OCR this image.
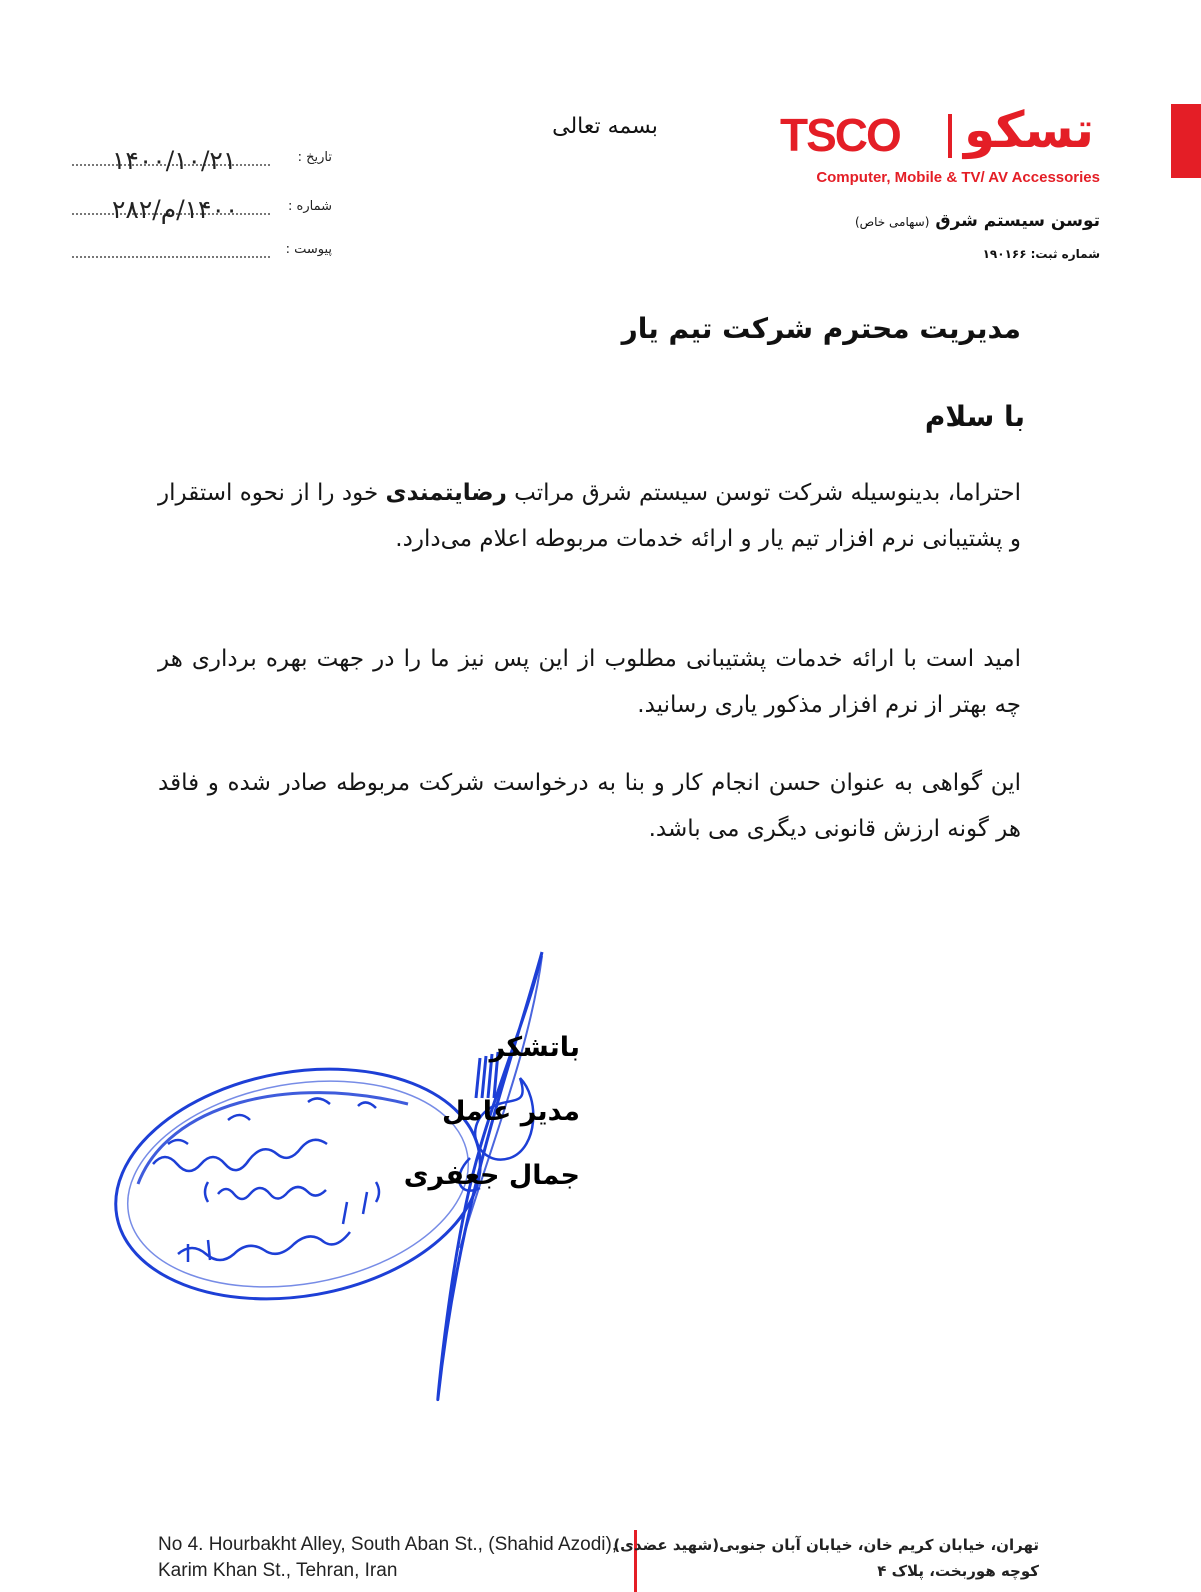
TSCO تسکو
Computer, Mobile & TV/ AV Accessories
توسن سیستم شرق(سهامی خاص)
شماره ثبت:۱۹۰۱۶۶
بسمه تعالی
تاریخ :
۱۴۰۰/۱۰/۲۱
شماره :
۱۴۰۰/م/۲۸۲
پیوست :
مدیریت محترم شرکت تیم یار
با سلام
احتراما، بدینوسیله شرکت توسن سیستم شرق مراتب رضایتمندی خود را از نحوه استقرار و پشتیبانی نرم افزار تیم یار و ارائه خدمات مربوطه اعلام می‌دارد.
امید است با ارائه خدمات پشتیبانی مطلوب از این پس نیز ما را در جهت بهره برداری هر چه بهتر از نرم افزار مذکور یاری رسانید.
این گواهی به عنوان حسن انجام کار و بنا به درخواست شرکت مربوطه صادر شده و فاقد هر گونه ارزش قانونی دیگری می باشد.
باتشکر
مدیر عامل
جمال جعفری
No 4. Hourbakht Alley, South Aban St., (Shahid Azodi),
Karim Khan St., Tehran, Iran
تهران، خیابان کریم خان، خیابان آبان جنوبی(شهید عضدی)
کوچه هوربخت، پلاک ۴
